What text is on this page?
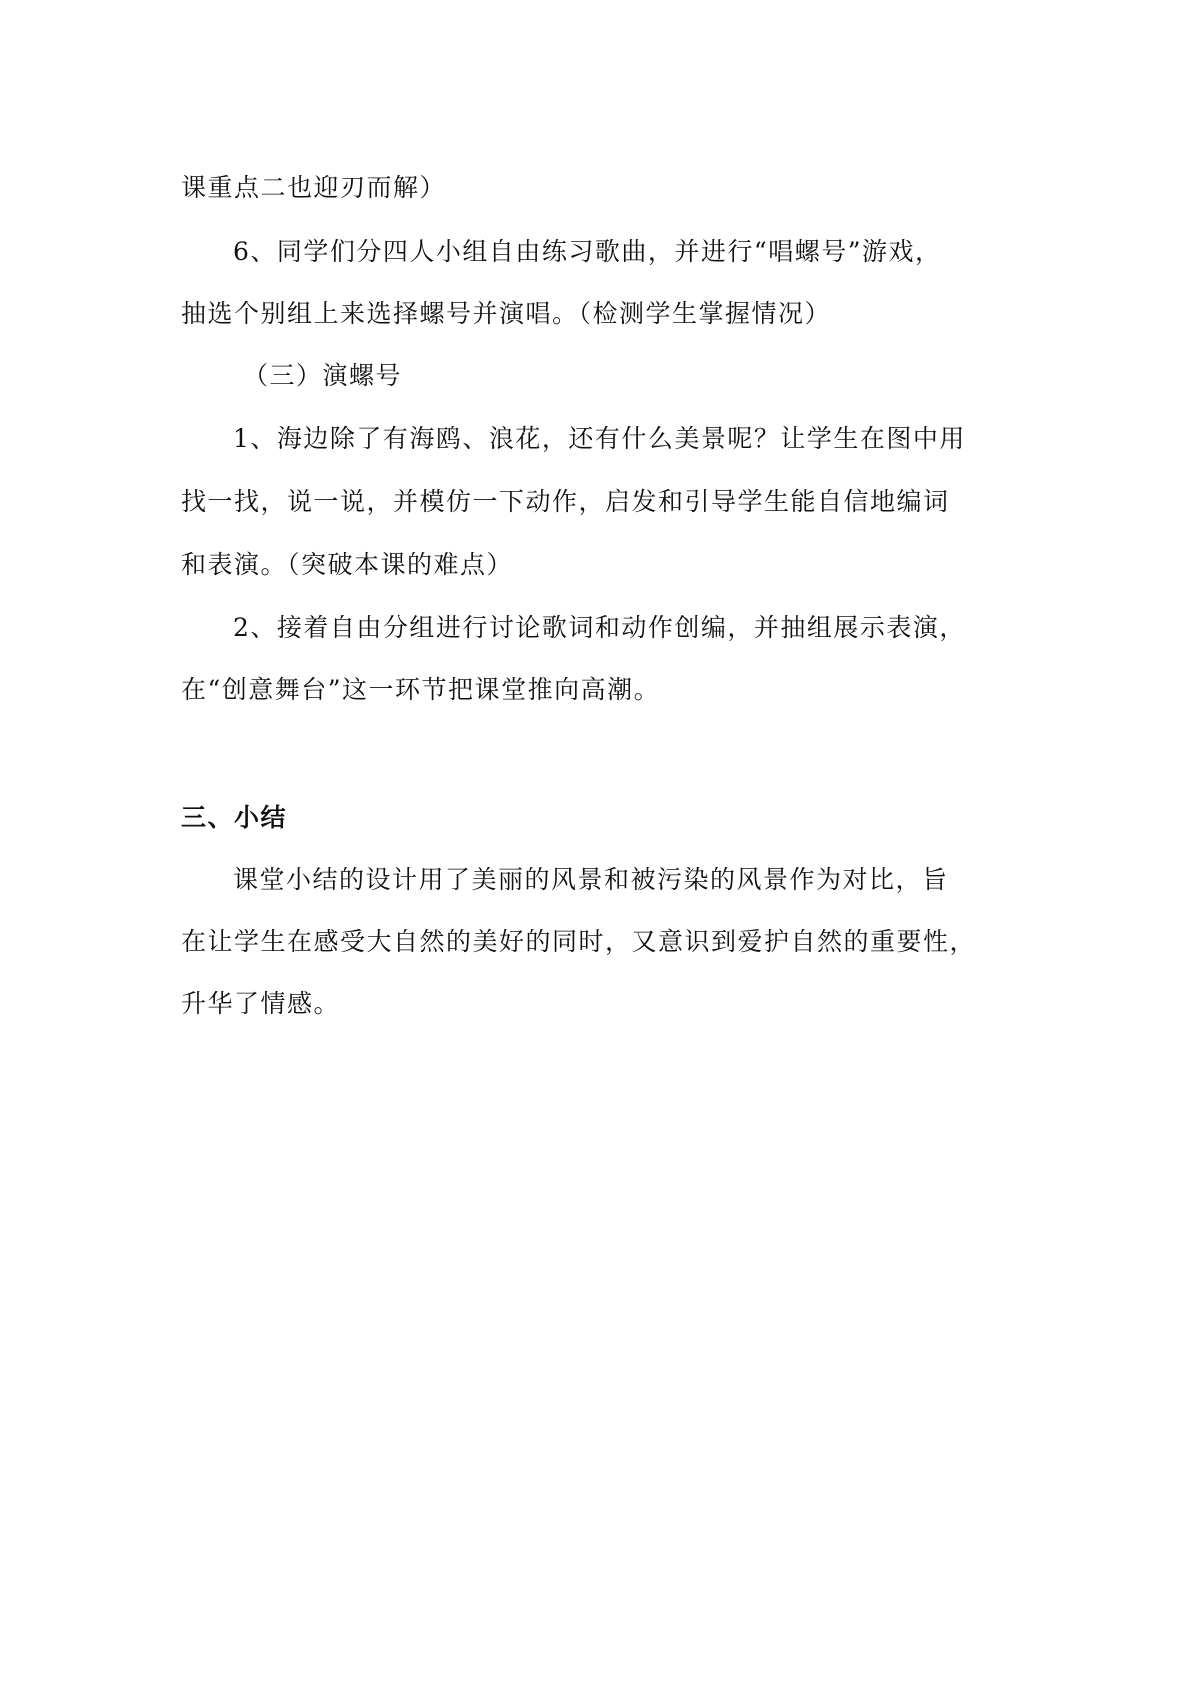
课重点二也迎刃而解）
6、同学们分四人小组自由练习歌曲，并进行“唱螺号”游戏，
抽选个别组上来选择螺号并演唱。（检测学生掌握情况）
（三）演螺号
1、海边除了有海鸥、浪花，还有什么美景呢？让学生在图中用
找一找，说一说，并模仿一下动作，启发和引导学生能自信地编词
和表演。（突破本课的难点）
2、接着自由分组进行讨论歌词和动作创编，并抽组展示表演，
在“创意舞台”这一环节把课堂推向高潮。
三、小结
课堂小结的设计用了美丽的风景和被污染的风景作为对比，旨
在让学生在感受大自然的美好的同时，又意识到爱护自然的重要性，
升华了情感。
